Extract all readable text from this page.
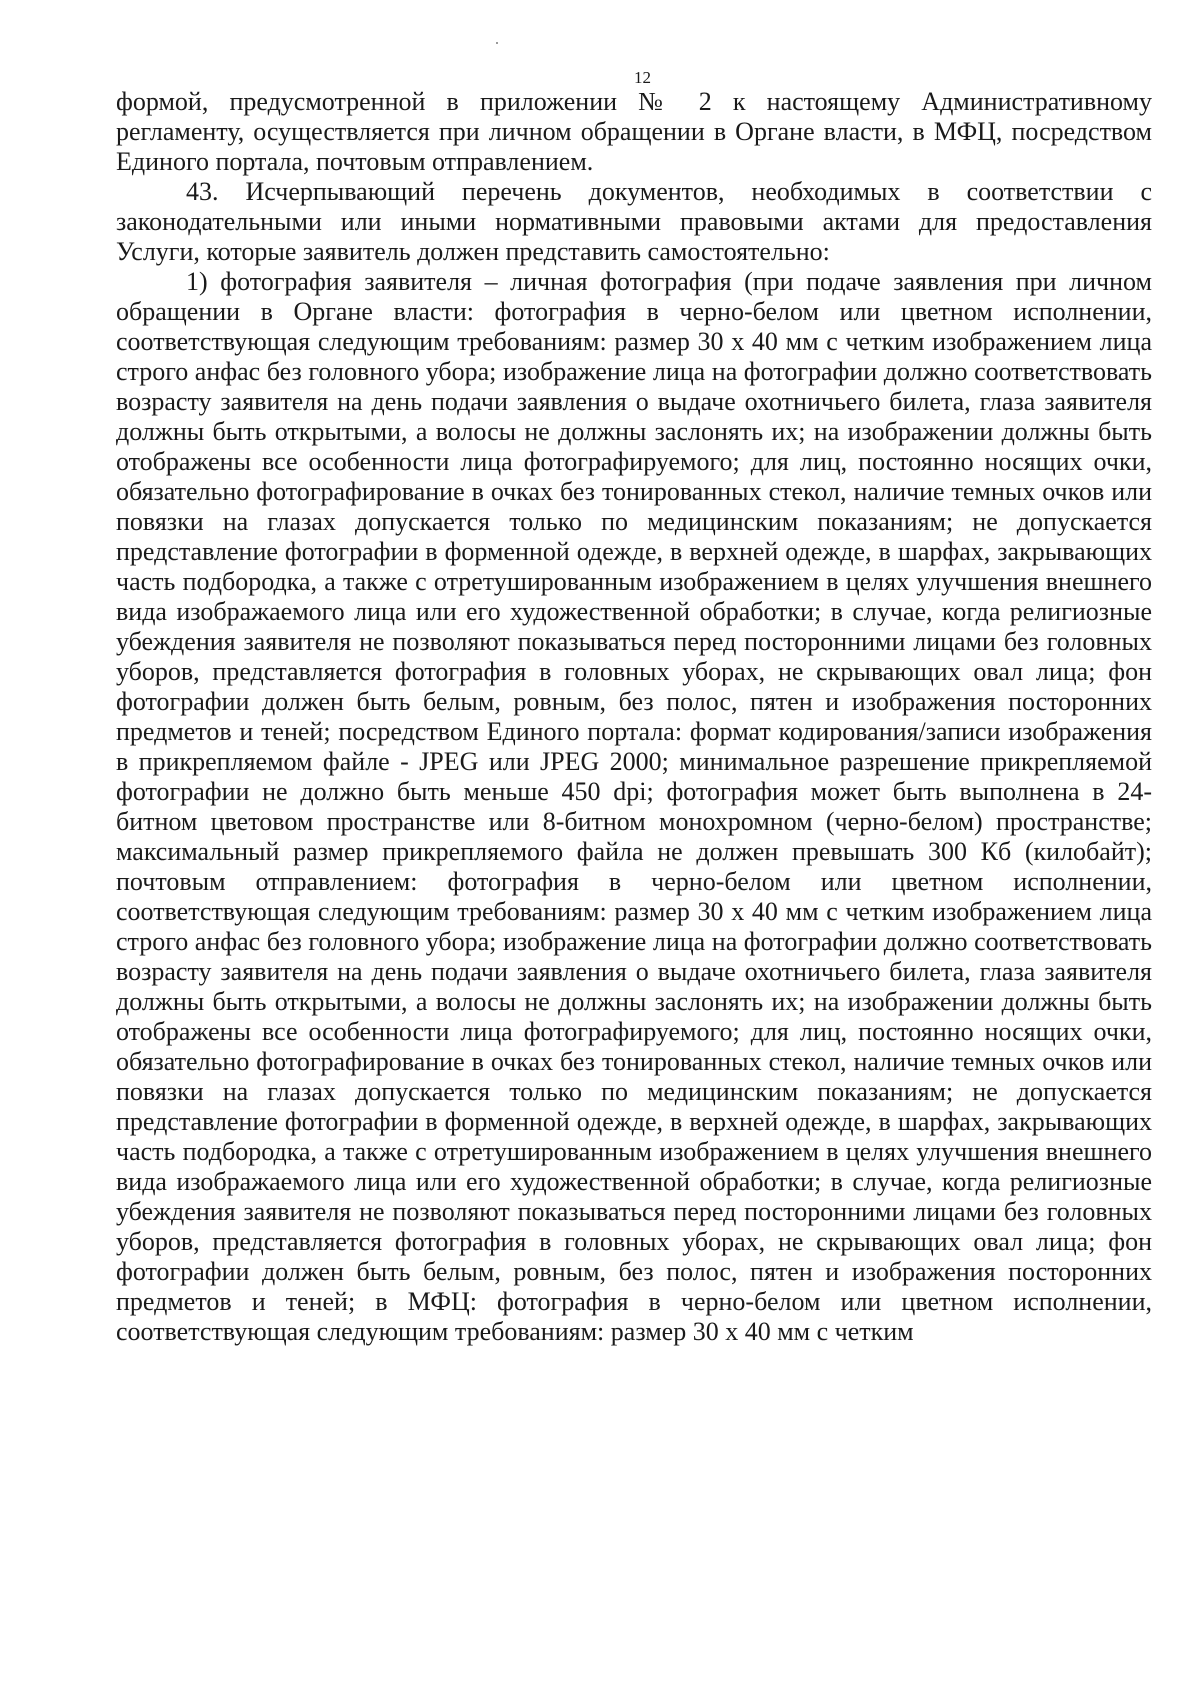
12

формой, предусмотренной в приложении № 2 к настоящему Административному регламенту, осуществляется при личном обращении в Органе власти, в МФЦ, посредством Единого портала, почтовым отправлением.

43. Исчерпывающий перечень документов, необходимых в соответствии с законодательными или иными нормативными правовыми актами для предоставления Услуги, которые заявитель должен представить самостоятельно:

1) фотография заявителя – личная фотография (при подаче заявления при личном обращении в Органе власти: фотография в черно-белом или цветном исполнении, соответствующая следующим требованиям: размер 30 х 40 мм с четким изображением лица строго анфас без головного убора; изображение лица на фотографии должно соответствовать возрасту заявителя на день подачи заявления о выдаче охотничьего билета, глаза заявителя должны быть открытыми, а волосы не должны заслонять их; на изображении должны быть отображены все особенности лица фотографируемого; для лиц, постоянно носящих очки, обязательно фотографирование в очках без тонированных стекол, наличие темных очков или повязки на глазах допускается только по медицинским показаниям; не допускается представление фотографии в форменной одежде, в верхней одежде, в шарфах, закрывающих часть подбородка, а также с отретушированным изображением в целях улучшения внешнего вида изображаемого лица или его художественной обработки; в случае, когда религиозные убеждения заявителя не позволяют показываться перед посторонними лицами без головных уборов, представляется фотография в головных уборах, не скрывающих овал лица; фон фотографии должен быть белым, ровным, без полос, пятен и изображения посторонних предметов и теней; посредством Единого портала: формат кодирования/записи изображения в прикрепляемом файле - JPEG или JPEG 2000; минимальное разрешение прикрепляемой фотографии не должно быть меньше 450 dpi; фотография может быть выполнена в 24-битном цветовом пространстве или 8-битном монохромном (черно-белом) пространстве; максимальный размер прикрепляемого файла не должен превышать 300 Кб (килобайт); почтовым отправлением: фотография в черно-белом или цветном исполнении, соответствующая следующим требованиям: размер 30 х 40 мм с четким изображением лица строго анфас без головного убора; изображение лица на фотографии должно соответствовать возрасту заявителя на день подачи заявления о выдаче охотничьего билета, глаза заявителя должны быть открытыми, а волосы не должны заслонять их; на изображении должны быть отображены все особенности лица фотографируемого; для лиц, постоянно носящих очки, обязательно фотографирование в очках без тонированных стекол, наличие темных очков или повязки на глазах допускается только по медицинским показаниям; не допускается представление фотографии в форменной одежде, в верхней одежде, в шарфах, закрывающих часть подбородка, а также с отретушированным изображением в целях улучшения внешнего вида изображаемого лица или его художественной обработки; в случае, когда религиозные убеждения заявителя не позволяют показываться перед посторонними лицами без головных уборов, представляется фотография в головных уборах, не скрывающих овал лица; фон фотографии должен быть белым, ровным, без полос, пятен и изображения посторонних предметов и теней; в МФЦ: фотография в черно-белом или цветном исполнении, соответствующая следующим требованиям: размер 30 х 40 мм с четким
